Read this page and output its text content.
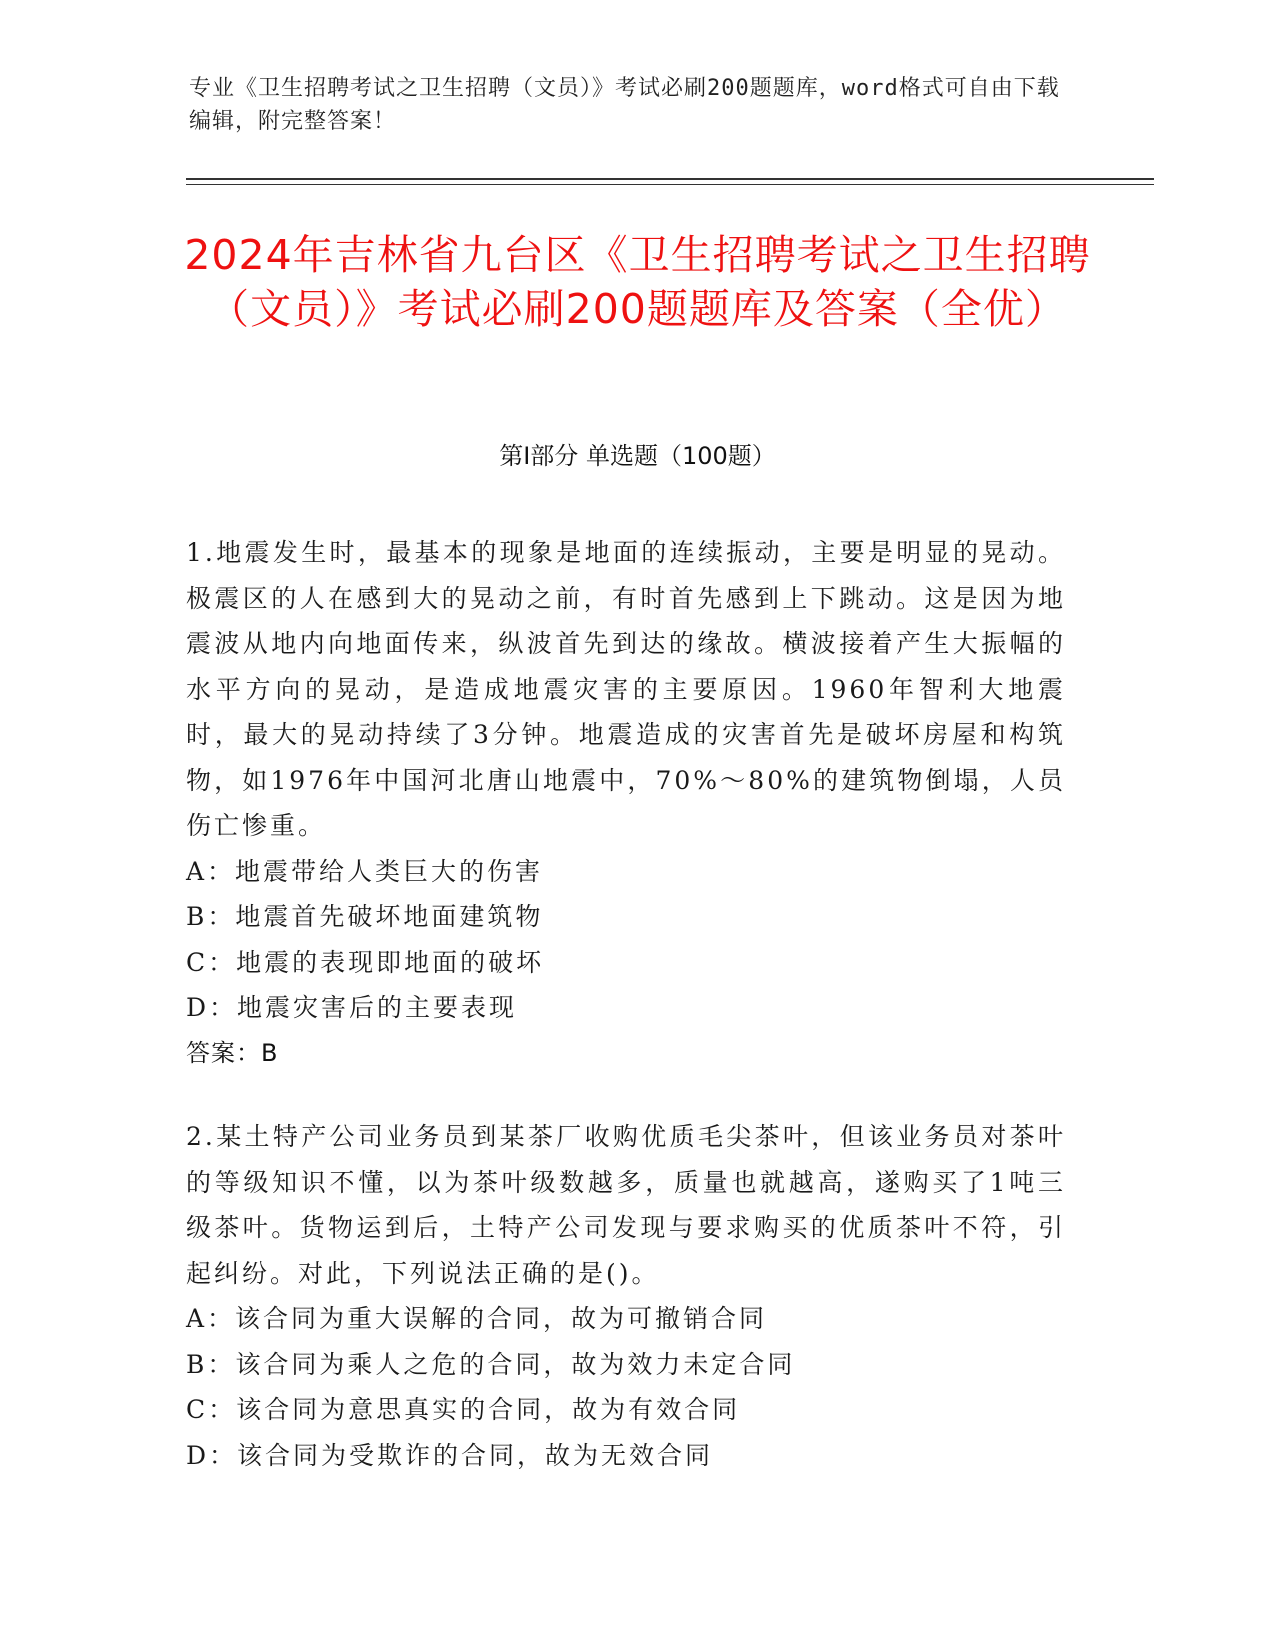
专业《卫生招聘考试之卫生招聘（文员）》考试必刷200题题库，word格式可自由下载编辑，附完整答案！
2024年吉林省九台区《卫生招聘考试之卫生招聘（文员）》考试必刷200题题库及答案（全优）
第Ⅰ部分 单选题（100题）
1.地震发生时，最基本的现象是地面的连续振动，主要是明显的晃动。极震区的人在感到大的晃动之前，有时首先感到上下跳动。这是因为地震波从地内向地面传来，纵波首先到达的缘故。横波接着产生大振幅的水平方向的晃动，是造成地震灾害的主要原因。1960年智利大地震时，最大的晃动持续了3分钟。地震造成的灾害首先是破坏房屋和构筑物，如1976年中国河北唐山地震中，70%～80%的建筑物倒塌，人员伤亡惨重。
A：地震带给人类巨大的伤害
B：地震首先破坏地面建筑物
C：地震的表现即地面的破坏
D：地震灾害后的主要表现
答案：B
2.某土特产公司业务员到某茶厂收购优质毛尖茶叶，但该业务员对茶叶的等级知识不懂，以为茶叶级数越多，质量也就越高，遂购买了1吨三级茶叶。货物运到后，土特产公司发现与要求购买的优质茶叶不符，引起纠纷。对此，下列说法正确的是()。
A：该合同为重大误解的合同，故为可撤销合同
B：该合同为乘人之危的合同，故为效力未定合同
C：该合同为意思真实的合同，故为有效合同
D：该合同为受欺诈的合同，故为无效合同
